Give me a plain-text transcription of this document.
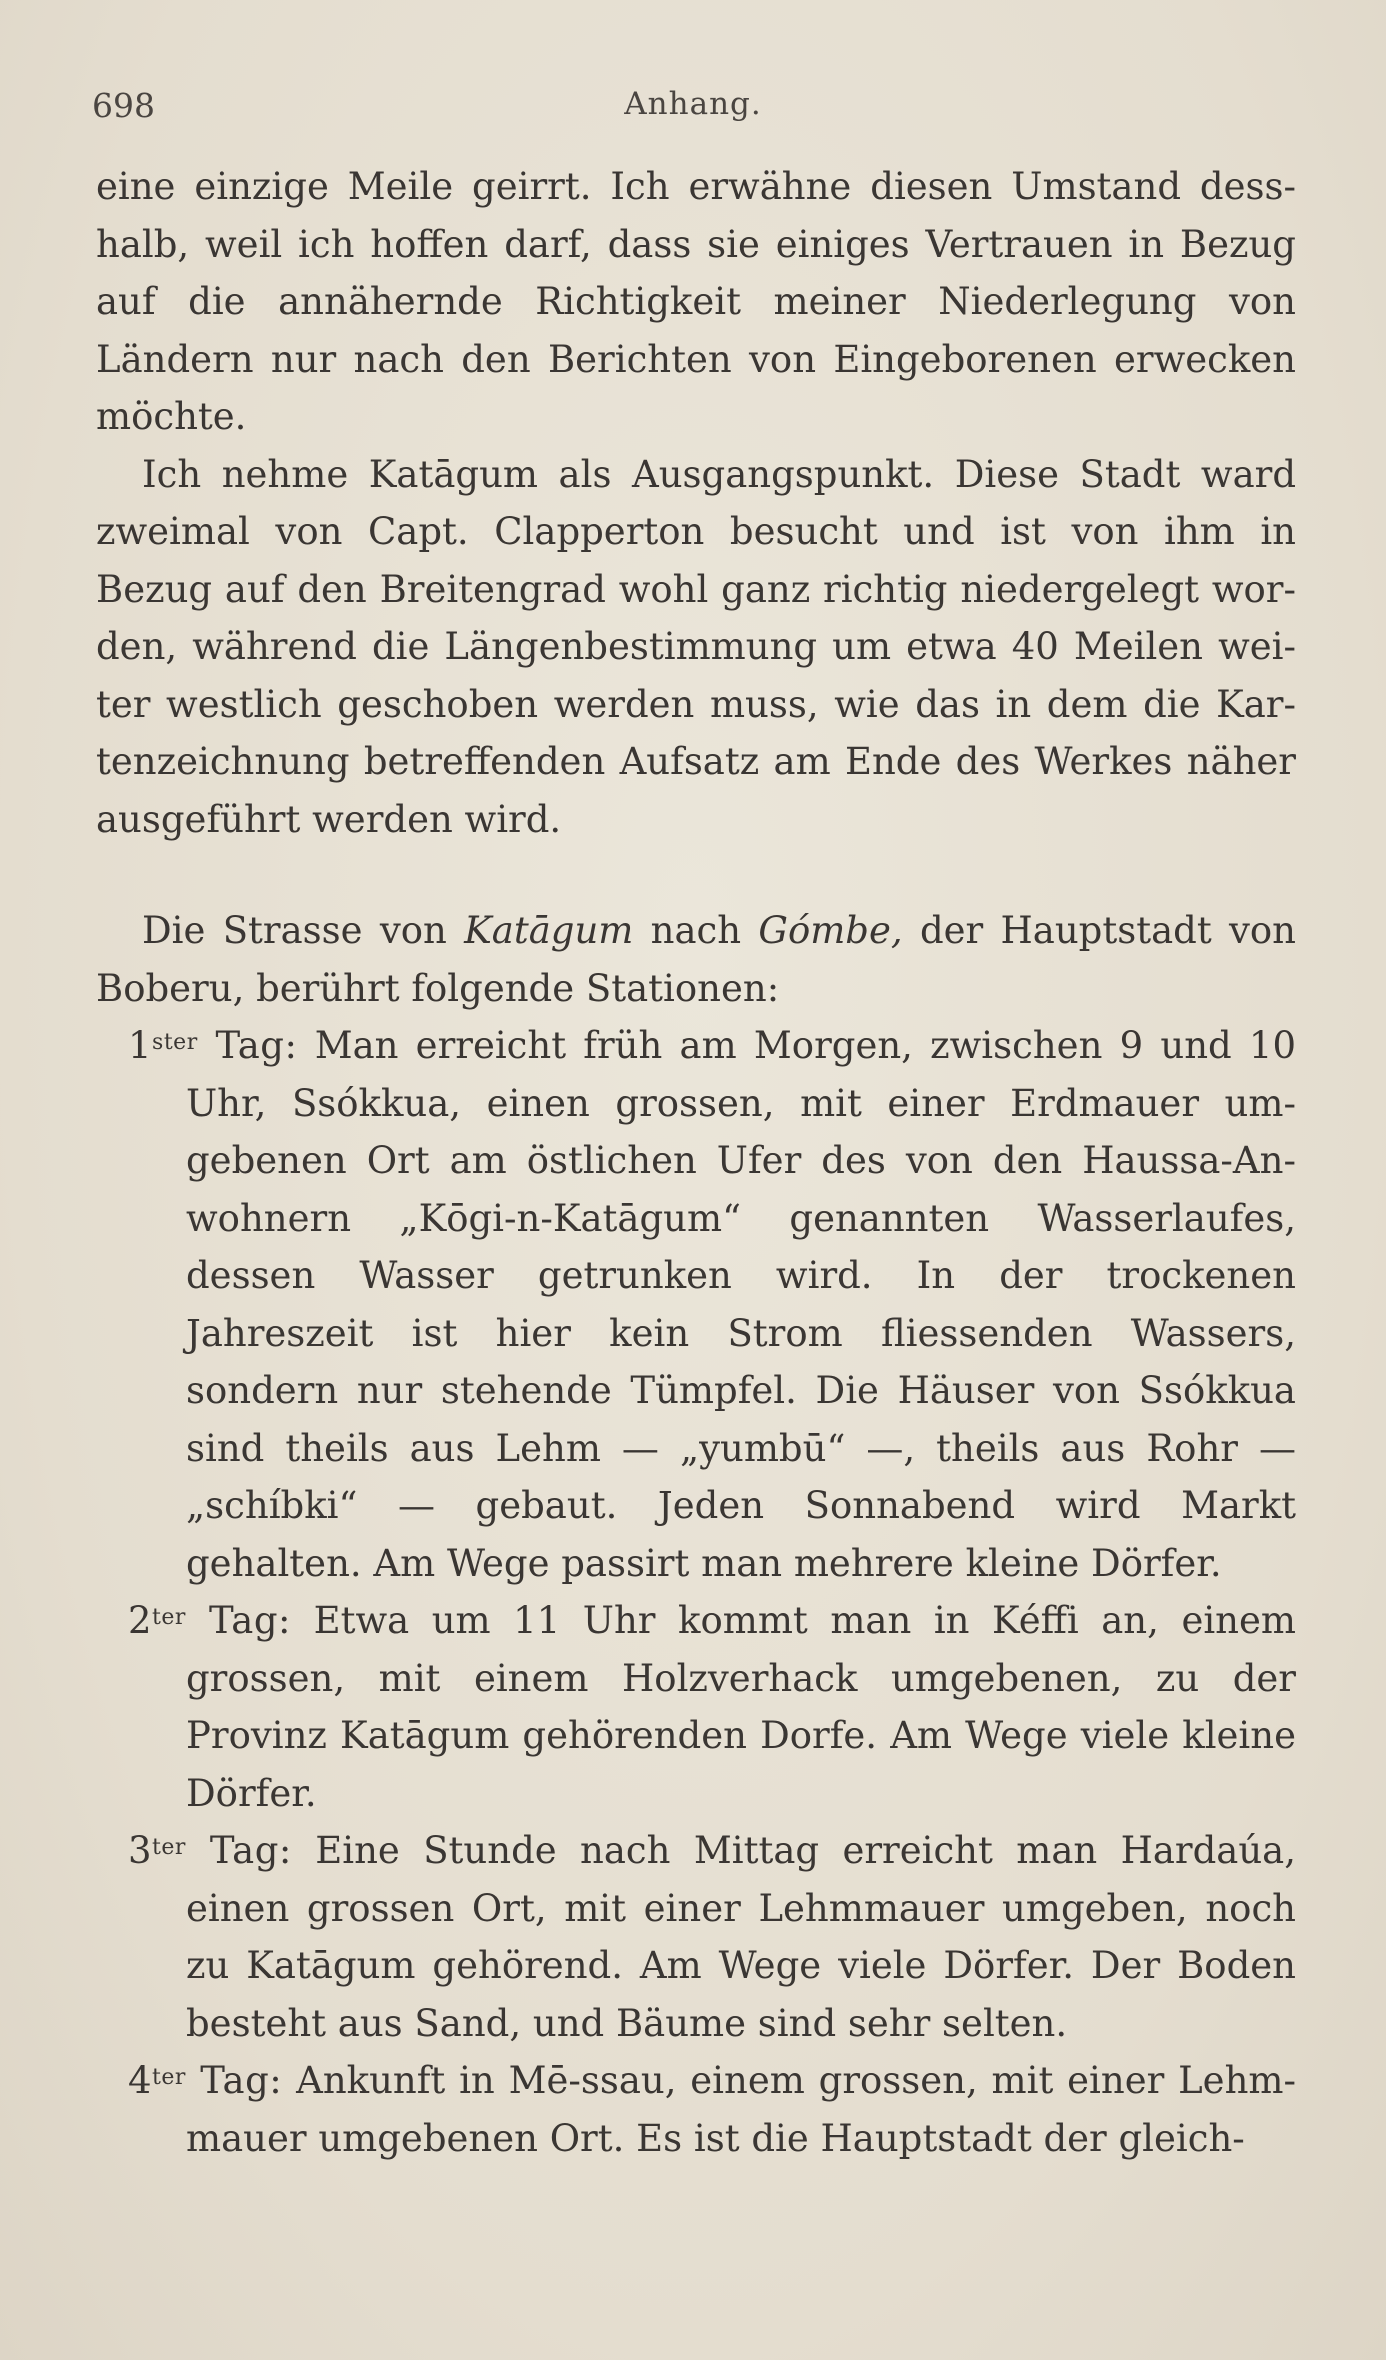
698	Anhang.

eine einzige Meile geirrt. Ich erwähne diesen Umstand desshalb, weil ich hoffen darf, dass sie einiges Vertrauen in Bezug auf die annähernde Richtigkeit meiner Niederlegung von Ländern nur nach den Berichten von Eingeborenen erwecken möchte.

Ich nehme Katāgum als Ausgangspunkt. Diese Stadt ward zweimal von Capt. Clapperton besucht und ist von ihm in Bezug auf den Breitengrad wohl ganz richtig niedergelegt worden, während die Längenbestimmung um etwa 40 Meilen weiter westlich geschoben werden muss, wie das in dem die Kartenzeichnung betreffenden Aufsatz am Ende des Werkes näher ausgeführt werden wird.

Die Strasse von Katāgum nach Gómbe, der Hauptstadt von Boberu, berührt folgende Stationen:

$1^{ster}$ Tag: Man erreicht früh am Morgen, zwischen 9 und 10 Uhr, Ssókkua, einen grossen, mit einer Erdmauer umgebenen Ort am östlichen Ufer des von den Haussa-Anwohnern „Kōgi-n-Katāgum“ genannten Wasserlaufes, dessen Wasser getrunken wird. In der trockenen Jahreszeit ist hier kein Strom fliessenden Wassers, sondern nur stehende Tümpfel. Die Häuser von Ssókkua sind theils aus Lehm — „yumbū“ —, theils aus Rohr — „schíbki“ — gebaut. Jeden Sonnabend wird Markt gehalten. Am Wege passirt man mehrere kleine Dörfer.

$2^{ter}$ Tag: Etwa um 11 Uhr kommt man in Kéffi an, einem grossen, mit einem Holzverhack umgebenen, zu der Provinz Katāgum gehörenden Dorfe. Am Wege viele kleine Dörfer.

$3^{ter}$ Tag: Eine Stunde nach Mittag erreicht man Hardaúa, einen grossen Ort, mit einer Lehmmauer umgeben, noch zu Katāgum gehörend. Am Wege viele Dörfer. Der Boden besteht aus Sand, und Bäume sind sehr selten.

$4^{ter}$ Tag: Ankunft in Mē-ssau, einem grossen, mit einer Lehmmauer umgebenen Ort. Es ist die Hauptstadt der gleich-
